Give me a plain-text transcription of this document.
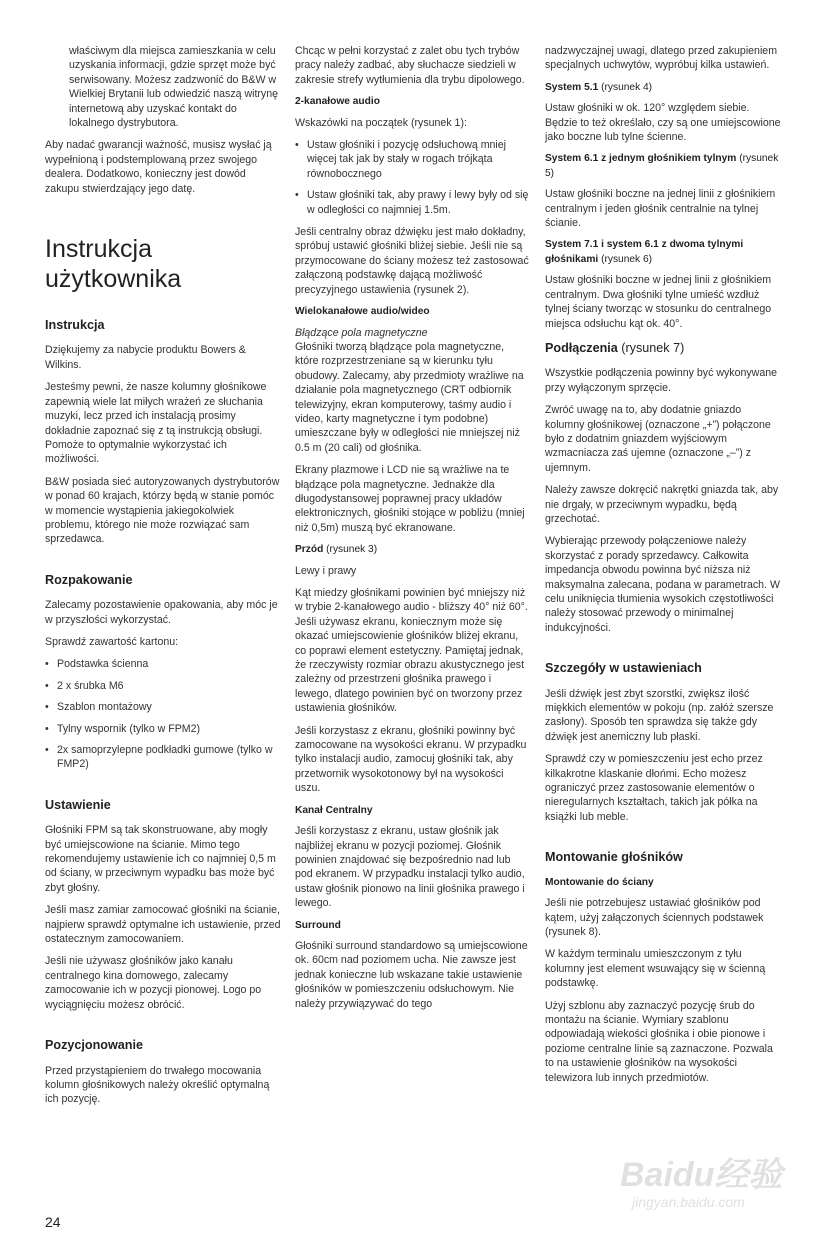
właściwym dla miejsca zamieszkania w celu uzyskania informacji, gdzie sprzęt może być serwisowany. Możesz zadzwonić do B&W w Wielkiej Brytanii lub odwiedzić naszą witrynę internetową aby uzyskać kontakt do lokalnego dystrybutora.

Aby nadać gwarancji ważność, musisz wysłać ją wypełnioną i podstemplowaną przez swojego dealera. Dodatkowo, konieczny jest dowód zakupu stwierdzający jego datę.

Instrukcja użytkownika
Instrukcja

Dziękujemy za nabycie produktu Bowers & Wilkins.

Jesteśmy pewni, że nasze kolumny głośnikowe zapewnią wiele lat miłych wrażeń ze słuchania muzyki, lecz przed ich instalacją prosimy dokładnie zapoznać się z tą instrukcją obsługi. Pomoże to optymalnie wykorzystać ich możliwości.

B&W posiada sieć autoryzowanych dystrybutorów w ponad 60 krajach, którzy będą w stanie pomóc w momencie wystąpienia jakiegokolwiek problemu, którego nie może rozwiązać sam sprzedawca.

Rozpakowanie

Zalecamy pozostawienie opakowania, aby móc je w przyszłości wykorzystać.

Sprawdź zawartość kartonu:

• Podstawka ścienna
• 2 x śrubka M6
• Szablon montażowy
• Tylny wspornik (tylko w FPM2)
• 2x samoprzylepne podkładki gumowe (tylko w FMP2)
Ustawienie

Głośniki FPM są tak skonstruowane, aby mogły być umiejscowione na ścianie. Mimo tego rekomendujemy ustawienie ich co najmniej 0,5 m od ściany, w przeciwnym wypadku bas może być zbyt głośny.

Jeśli masz zamiar zamocować głośniki na ścianie, najpierw sprawdź optymalne ich ustawienie, przed ostatecznym zamocowaniem.

Jeśli nie używasz głośników jako kanału centralnego kina domowego, zalecamy zamocowanie ich w pozycji pionowej. Logo po wyciągnięciu możesz obrócić.

Pozycjonowanie

Przed przystąpieniem do trwałego mocowania kolumn głośnikowych należy określić optymalną ich pozycję.

Chcąc w pełni korzystać z zalet obu tych trybów pracy należy zadbać, aby słuchacze siedzieli w zakresie strefy wytłumienia dla trybu dipolowego.

2-kanałowe audio

Wskazówki na początek (rysunek 1):

• Ustaw głośniki i pozycję odsłuchową mniej więcej tak jak by stały w rogach trójkąta równobocznego
• Ustaw głośniki tak, aby prawy i lewy były od się w odległości co najmniej 1.5m.

Jeśli centralny obraz dźwięku jest mało dokładny, spróbuj ustawić głośniki bliżej siebie. Jeśli nie są przymocowane do ściany możesz też zastosować załączoną podstawkę dającą możliwość precyzyjnego ustawienia (rysunek 2).

Wielokanałowe audio/wideo

Błądzące pola magnetyczne
Głośniki tworzą błądzące pola magnetyczne, które rozprzestrzeniane są w kierunku tyłu obudowy. Zalecamy, aby przedmioty wrażliwe na działanie pola magnetycznego (CRT odbiornik telewizyjny, ekran komputerowy, taśmy audio i video, karty magnetyczne i tym podobne) umieszczane były w odległości nie mniejszej niż 0.5 m (20 cali) od głośnika.

Ekrany plazmowe i LCD nie są wrażliwe na te błądzące pola magnetyczne. Jednakże dla długodystansowej poprawnej pracy układów elektronicznych, głośniki stojące w pobliżu (mniej niż 0,5m) muszą być ekranowane.

Przód (rysunek 3)

Lewy i prawy

Kąt miedzy głośnikami powinien być mniejszy niż w trybie 2-kanałowego audio - bliższy 40° niż 60°. Jeśli używasz ekranu, koniecznym może się okazać umiejscowienie głośników bliżej ekranu, co poprawi element estetyczny. Pamiętaj jednak, że rzeczywisty rozmiar obrazu akustycznego jest zależny od przestrzeni głośnika prawego i lewego, dlatego powinien być on tworzony przez ustawienia głośników.

Jeśli korzystasz z ekranu, głośniki powinny być zamocowane na wysokości ekranu. W przypadku tylko instalacji audio, zamocuj głośniki tak, aby przetwornik wysokotonowy był na wysokości uszu.

Kanał Centralny

Jeśli korzystasz z ekranu, ustaw głośnik jak najbliżej ekranu w pozycji poziomej. Głośnik powinien znajdować się bezpośrednio nad lub pod ekranem. W przypadku instalacji tylko audio, ustaw głośnik pionowo na linii głośnika prawego i lewego.

Surround

Głośniki surround standardowo są umiejscowione ok. 60cm nad poziomem ucha. Nie zawsze jest jednak konieczne lub wskazane takie ustawienie głośników w pomieszczeniu odsłuchowym. Nie należy przywiązywać do tego

nadzwyczajnej uwagi, dlatego przed zakupieniem specjalnych uchwytów, wypróbuj kilka ustawień.

System 5.1 (rysunek 4)

Ustaw głośniki w ok. 120° względem siebie. Będzie to też określało, czy są one umiejscowione jako boczne lub tylne ścienne.

System 6.1 z jednym głośnikiem tylnym (rysunek 5)

Ustaw głośniki boczne na jednej linii z głośnikiem centralnym i jeden głośnik centralnie na tylnej ścianie.

System 7.1 i system 6.1 z dwoma tylnymi głośnikami (rysunek 6)

Ustaw głośniki boczne w jednej linii z głośnikiem centralnym. Dwa głośniki tylne umieść wzdłuż tylnej ściany tworząc w stosunku do centralnego miejsca odsłuchu kąt ok. 40°.

Podłączenia (rysunek 7)

Wszystkie podłączenia powinny być wykonywane przy wyłączonym sprzęcie.

Zwróć uwagę na to, aby dodatnie gniazdo kolumny głośnikowej (oznaczone „+”) połączone było z dodatnim gniazdem wyjściowym wzmacniacza zaś ujemne (oznaczone „–”) z ujemnym.

Należy zawsze dokręcić nakrętki gniazda tak, aby nie drgały, w przeciwnym wypadku, będą grzechotać.

Wybierając przewody połączeniowe należy skorzystać z porady sprzedawcy. Całkowita impedancja obwodu powinna być niższa niż maksymalna zalecana, podana w parametrach. W celu uniknięcia tłumienia wysokich częstotliwości należy stosować przewody o minimalnej indukcyjności.

Szczegóły w ustawieniach

Jeśli dźwięk jest zbyt szorstki, zwiększ ilość miękkich elementów w pokoju (np. załóż szersze zasłony). Sposób ten sprawdza się także gdy dźwięk jest anemiczny lub płaski.

Sprawdź czy w pomieszczeniu jest echo przez kilkakrotne klaskanie dłońmi. Echo możesz ograniczyć przez zastosowanie elementów o nieregularnych kształtach, takich jak półka na książki lub meble.

Montowanie głośników
Montowanie do ściany

Jeśli nie potrzebujesz ustawiać głośników pod kątem, użyj załączonych ściennych podstawek (rysunek 8).

W każdym terminalu umieszczonym z tyłu kolumny jest element wsuwający się w ścienną podstawkę.

Użyj szblonu aby zaznaczyć pozycję śrub do montażu na ścianie. Wymiary szablonu odpowiadają wiekości głośnika i obie pionowe i poziome centralne linie są zaznaczone. Pozwala to na ustawienie głośników na wysokości telewizora lub innych przedmiotów.

24
Baidu经验
jingyan.baidu.com
